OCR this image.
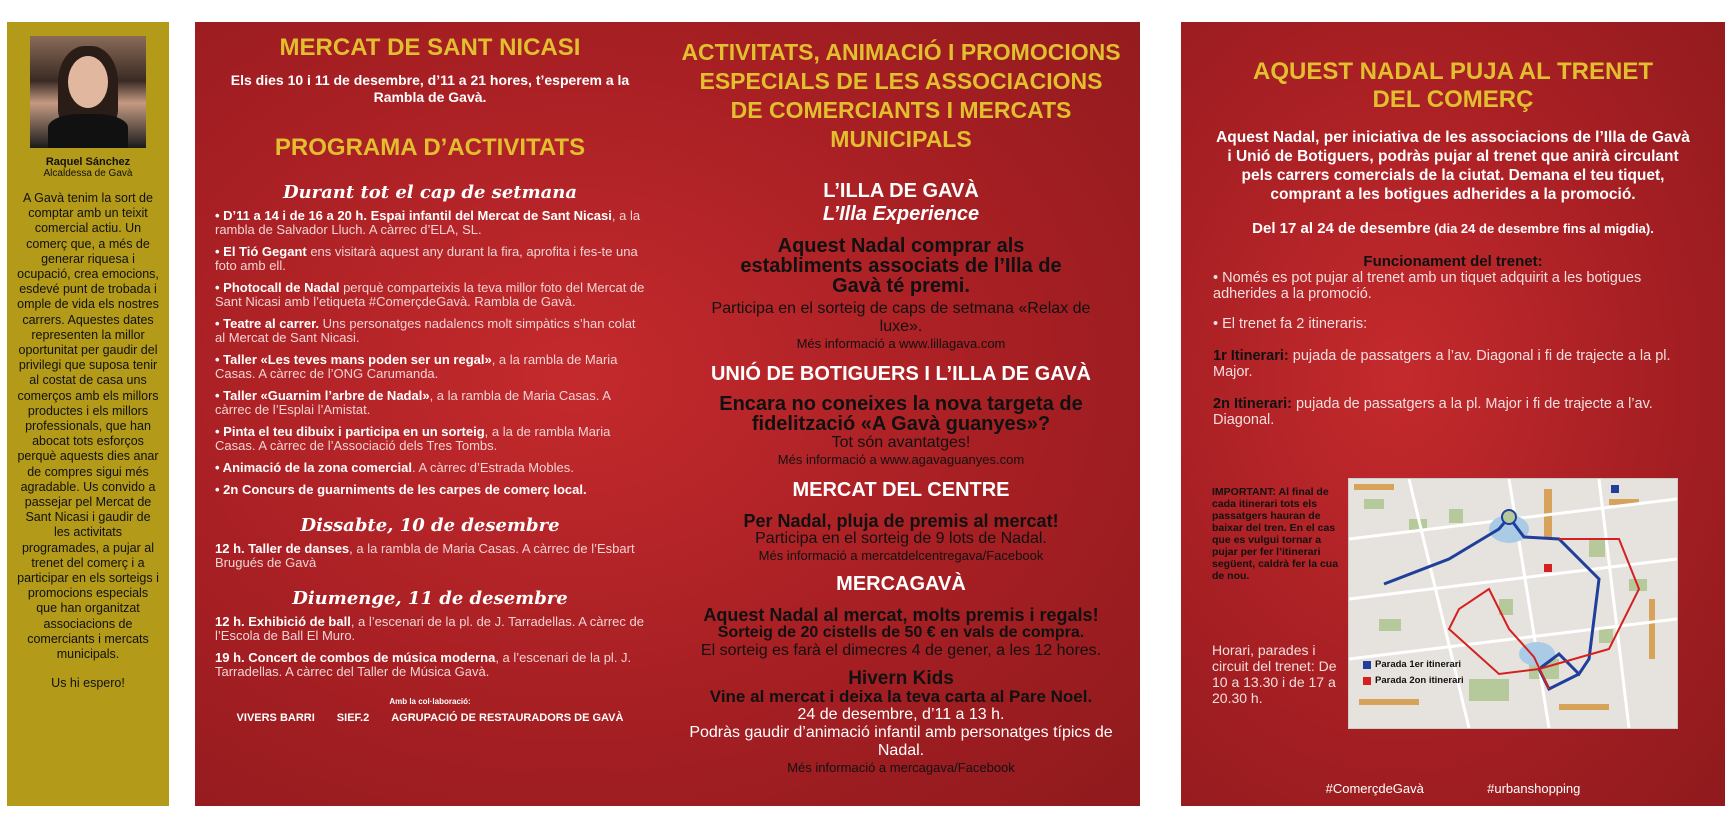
Raquel Sánchez
Alcaldessa de Gavà
A Gavà tenim la sort de comptar amb un teixit comercial actiu. Un comerç que, a més de generar riquesa i ocupació, crea emocions, esdevé punt de trobada i omple de vida els nostres carrers. Aquestes dates representen la millor oportunitat per gaudir del privilegi que suposa tenir al costat de casa uns comerços amb els millors productes i els millors professionals, que han abocat tots esforços perquè aquests dies anar de compres sigui més agradable. Us convido a passejar pel Mercat de Sant Nicasi i gaudir de les activitats programades, a pujar al trenet del comerç i a participar en els sorteigs i promocions especials que han organitzat associacions de comerciants i mercats municipals.
Us hi espero!
MERCAT DE SANT NICASI
Els dies 10 i 11 de desembre, d’11 a 21 hores, t’esperem a la Rambla de Gavà.
PROGRAMA D’ACTIVITATS
Durant tot el cap de setmana

• D’11 a 14 i de 16 a 20 h. Espai infantil del Mercat de Sant Nicasi, a la rambla de Salvador Lluch. A càrrec d’ELA, SL.

• El Tió Gegant ens visitarà aquest any durant la fira, aprofita i fes-te una foto amb ell.

• Photocall de Nadal perquè comparteixis la teva millor foto del Mercat de Sant Nicasi amb l’etiqueta #ComerçdeGavà. Rambla de Gavà.

• Teatre al carrer. Uns personatges nadalencs molt simpàtics s’han colat al Mercat de Sant Nicasi.

• Taller «Les teves mans poden ser un regal», a la rambla de Maria Casas. A càrrec de l’ONG Carumanda.

• Taller «Guarnim l’arbre de Nadal», a la rambla de Maria Casas. A càrrec de l’Esplai l’Amistat.

• Pinta el teu dibuix i participa en un sorteig, a la de rambla Maria Casas. A càrrec de l’Associació dels Tres Tombs.

• Animació de la zona comercial. A càrrec d’Estrada Mobles.

• 2n Concurs de guarniments de les carpes de comerç local.

Dissabte, 10 de desembre

12 h. Taller de danses, a la rambla de Maria Casas. A càrrec de l’Esbart Brugués de Gavà

Diumenge, 11 de desembre

12 h. Exhibició de ball, a l’escenari de la pl. de J. Tarradellas. A càrrec de l’Escola de Ball El Muro.

19 h. Concert de combos de música moderna, a l’escenari de la pl. J. Tarradellas. A càrrec del Taller de Música Gavà.

Amb la col·laboració:
VIVERS BARRI SIEF.2 AGRUPACIÓ DE RESTAURADORS DE GAVÀ
ACTIVITATS, ANIMACIÓ I PROMOCIONS ESPECIALS DE LES ASSOCIACIONS DE COMERCIANTS I MERCATS MUNICIPALS
L’ILLA DE GAVÀ
L’Illa Experience
Aquest Nadal comprar als establiments associats de l’Illa de Gavà té premi.
Participa en el sorteig de caps de setmana «Relax de luxe».
Més informació a www.lillagava.com
UNIÓ DE BOTIGUERS I L’ILLA DE GAVÀ
Encara no coneixes la nova targeta de fidelització «A Gavà guanyes»?
Tot són avantatges!
Més informació a www.agavaguanyes.com
MERCAT DEL CENTRE
Per Nadal, pluja de premis al mercat!
Participa en el sorteig de 9 lots de Nadal.
Més informació a mercatdelcentregava/Facebook
MERCAGAVÀ
Aquest Nadal al mercat, molts premis i regals!
Sorteig de 20 cistells de 50 € en vals de compra.
El sorteig es farà el dimecres 4 de gener, a les 12 hores.
Hivern Kids
Vine al mercat i deixa la teva carta al Pare Noel.
24 de desembre, d’11 a 13 h.
Podràs gaudir d’animació infantil amb personatges típics de Nadal.
Més informació a mercagava/Facebook
AQUEST NADAL PUJA AL TRENET DEL COMERÇ
Aquest Nadal, per iniciativa de les associacions de l’Illa de Gavà i Unió de Botiguers, podràs pujar al trenet que anirà circulant pels carrers comercials de la ciutat. Demana el teu tiquet, comprant a les botigues adherides a la promoció.
Del 17 al 24 de desembre (dia 24 de desembre fins al migdia).
Funcionament del trenet:
• Només es pot pujar al trenet amb un tiquet adquirit a les botigues adherides a la promoció.
• El trenet fa 2 itineraris:
1r Itinerari: pujada de passatgers a l’av. Diagonal i fi de trajecte a la pl. Major.
2n Itinerari: pujada de passatgers a la pl. Major i fi de trajecte a l’av. Diagonal.
IMPORTANT: Al final de cada itinerari tots els passatgers hauran de baixar del tren. En el cas que es vulgui tornar a pujar per fer l’itinerari següent, caldrà fer la cua de nou.
Horari, parades i circuit del trenet: De 10 a 13.30 i de 17 a 20.30 h.
Parada 1er itinerari
Parada 2on itinerari
#ComerçdeGavà	#urbanshopping
